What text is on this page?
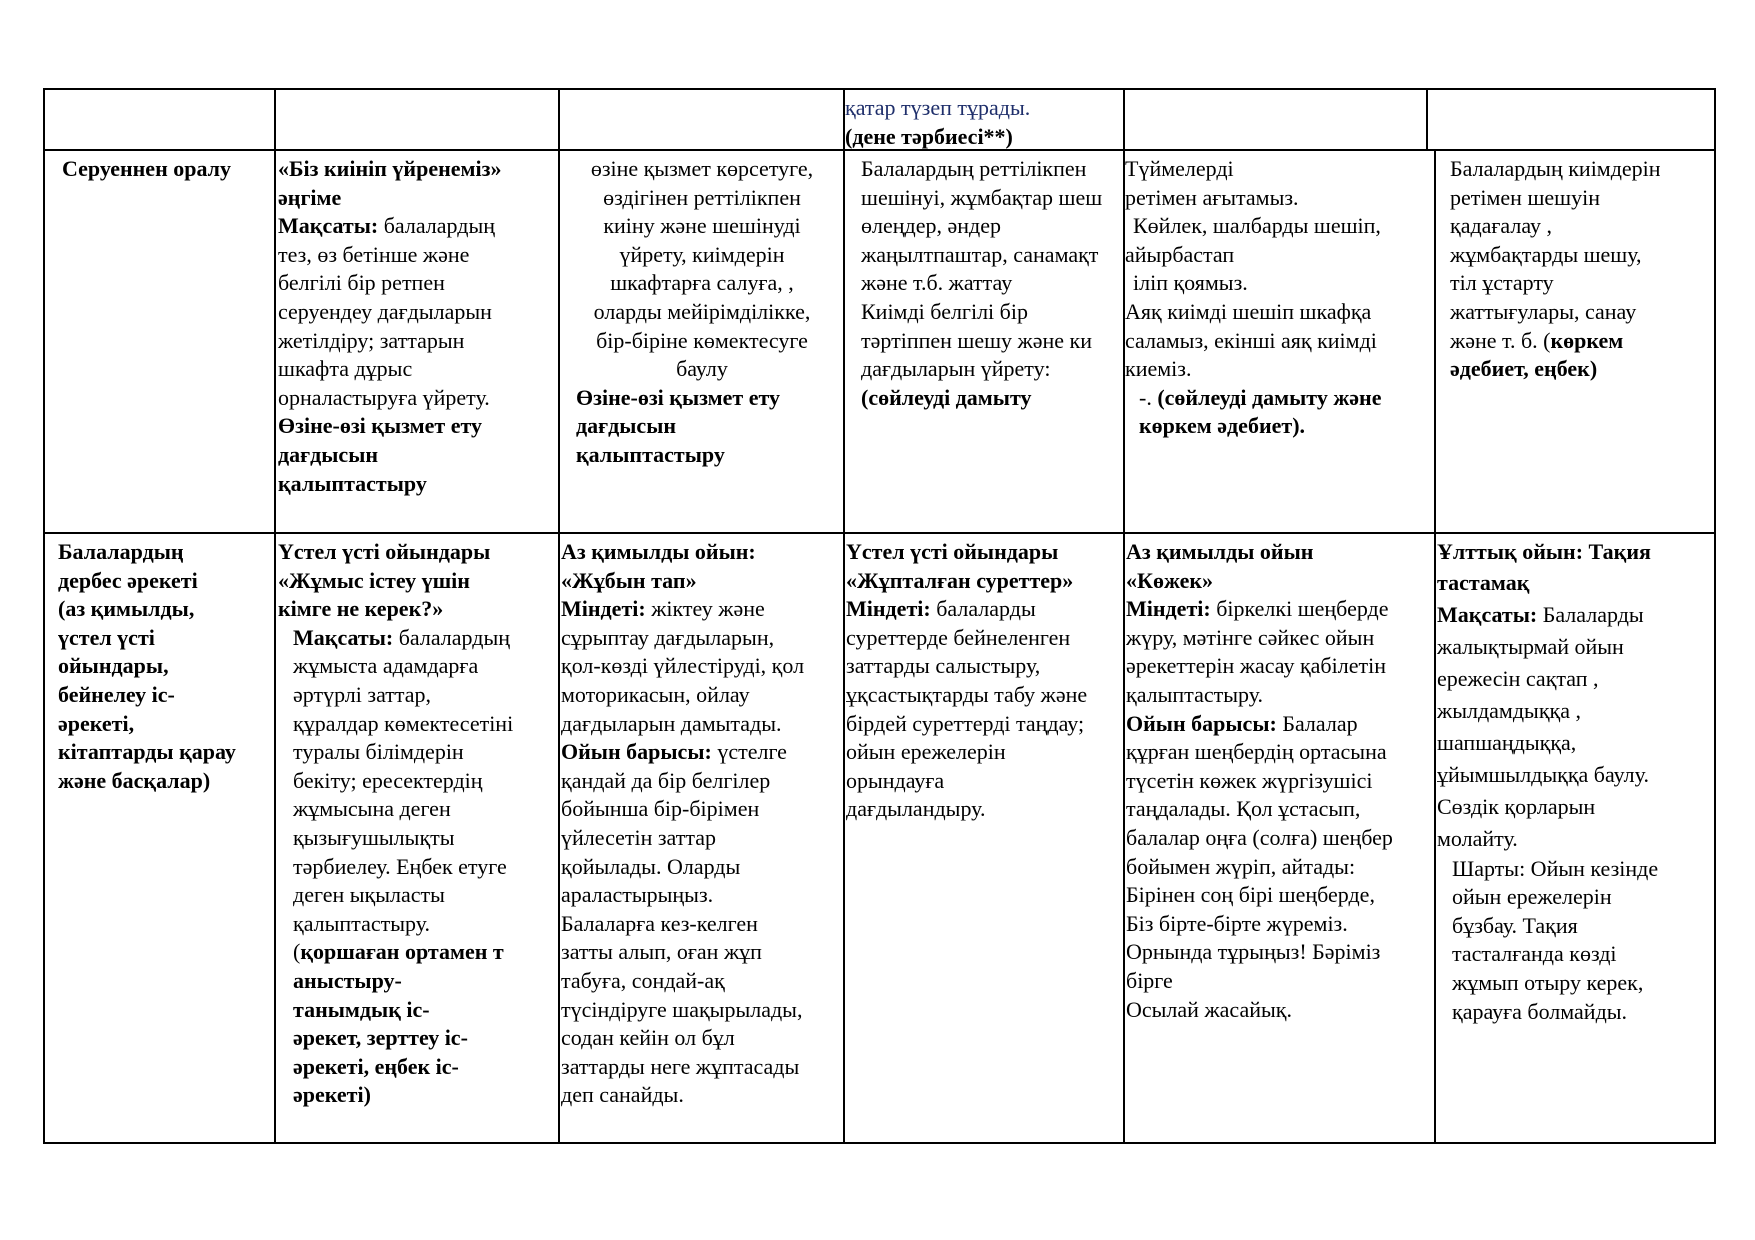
қатар түзеп тұрады.
(дене тәрбиесі**)
Серуеннен оралу «Біз киініп үйренеміз»
әңгіме
Мақсаты: балалардың
тез, өз бетінше және
белгілі бір ретпен
серуендеу дағдыларын
жетілдіру; заттарын
шкафта дұрыс
орналастыруға үйрету.
Өзіне-өзі қызмет ету
дағдысын
қалыптастыру
өзіне қызмет көрсетуге,
өздігінен реттілікпен
киіну және шешінуді
үйрету, киімдерін
шкафтарға салуға, ,
оларды мейірімділікке,
бір-біріне көмектесуге
баулу
Өзіне-өзі қызмет ету
дағдысын
қалыптастыру
Балалардың реттілікпен
шешінуі, жұмбақтар шеш
өлеңдер, әндер
жаңылтпаштар, санамақт
және т.б. жаттау
Киімді белгілі бір
тәртіппен шешу және ки
дағдыларын үйрету:
(сөйлеуді дамыту
Түймелерді
ретімен ағытамыз.
Көйлек, шалбарды шешіп,
айырбастап
іліп қоямыз.
Аяқ киімді шешіп шкафқа
саламыз, екінші аяқ киімді
киеміз.
-. (сөйлеуді дамыту және
көркем әдебиет).
Балалардың киімдерін
ретімен шешуін
қадағалау ,
жұмбақтарды шешу,
тіл ұстарту
жаттығулары, санау
және т. б. (көркем
әдебиет, еңбек)
Балалардың
дербес әрекеті
(аз қимылды,
үстел үсті
ойындары,
бейнелеу іс-
әрекеті,
кітаптарды қарау
және басқалар)
Үстел үсті ойындары
«Жұмыс істеу үшін
кімге не керек?»
Мақсаты: балалардың
жұмыста адамдарға
әртүрлі заттар,
құралдар көмектесетіні
туралы білімдерін
бекіту; ересектердің
жұмысына деген
қызығушылықты
тәрбиелеу. Еңбек етуге
деген ықыласты
қалыптастыру.
(қоршаған ортамен т
аныстыру-
танымдық іс-
әрекет, зерттеу іс-
әрекеті, еңбек іс-
әрекеті)
Аз қимылды ойын:
«Жұбын тап»
Міндеті: жіктеу және
сұрыптау дағдыларын,
қол-көзді үйлестіруді, қол
моторикасын, ойлау
дағдыларын дамытады.
Ойын барысы: үстелге
қандай да бір белгілер
бойынша бір-бірімен
үйлесетін заттар
қойылады. Оларды
араластырыңыз.
Балаларға кез-келген
затты алып, оған жұп
табуға, сондай-ақ
түсіндіруге шақырылады,
содан кейін ол бұл
заттарды неге жұптасады
деп санайды.
Үстел үсті ойындары
«Жұпталған суреттер»
Міндеті: балаларды
суреттерде бейнеленген
заттарды салыстыру,
ұқсастықтарды табу және
бірдей суреттерді таңдау;
ойын ережелерін
орындауға
дағдыландыру.
Аз қимылды ойын
«Көжек»
Міндеті: біркелкі шеңберде
жүру, мәтінге сәйкес ойын
әрекеттерін жасау қабілетін
қалыптастыру.
Ойын барысы: Балалар
құрған шеңбердің ортасына
түсетін көжек жүргізушісі
таңдалады. Қол ұстасып,
балалар оңға (солға) шеңбер
бойымен жүріп, айтады:
Бірінен соң бірі шеңберде,
Біз бірте-бірте жүреміз.
Орнында тұрыңыз! Бәріміз
бірге
Осылай жасайық.
Ұлттық ойын: Тақия
тастамақ
Мақсаты: Балаларды
жалықтырмай ойын
ережесін сақтап ,
жылдамдыққа ,
шапшаңдыққа,
ұйымшылдыққа баулу.
Сөздік қорларын
молайту.
Шарты: Ойын кезінде
ойын ережелерін
бұзбау. Тақия
тасталғанда көзді
жұмып отыру керек,
қарауға болмайды.
